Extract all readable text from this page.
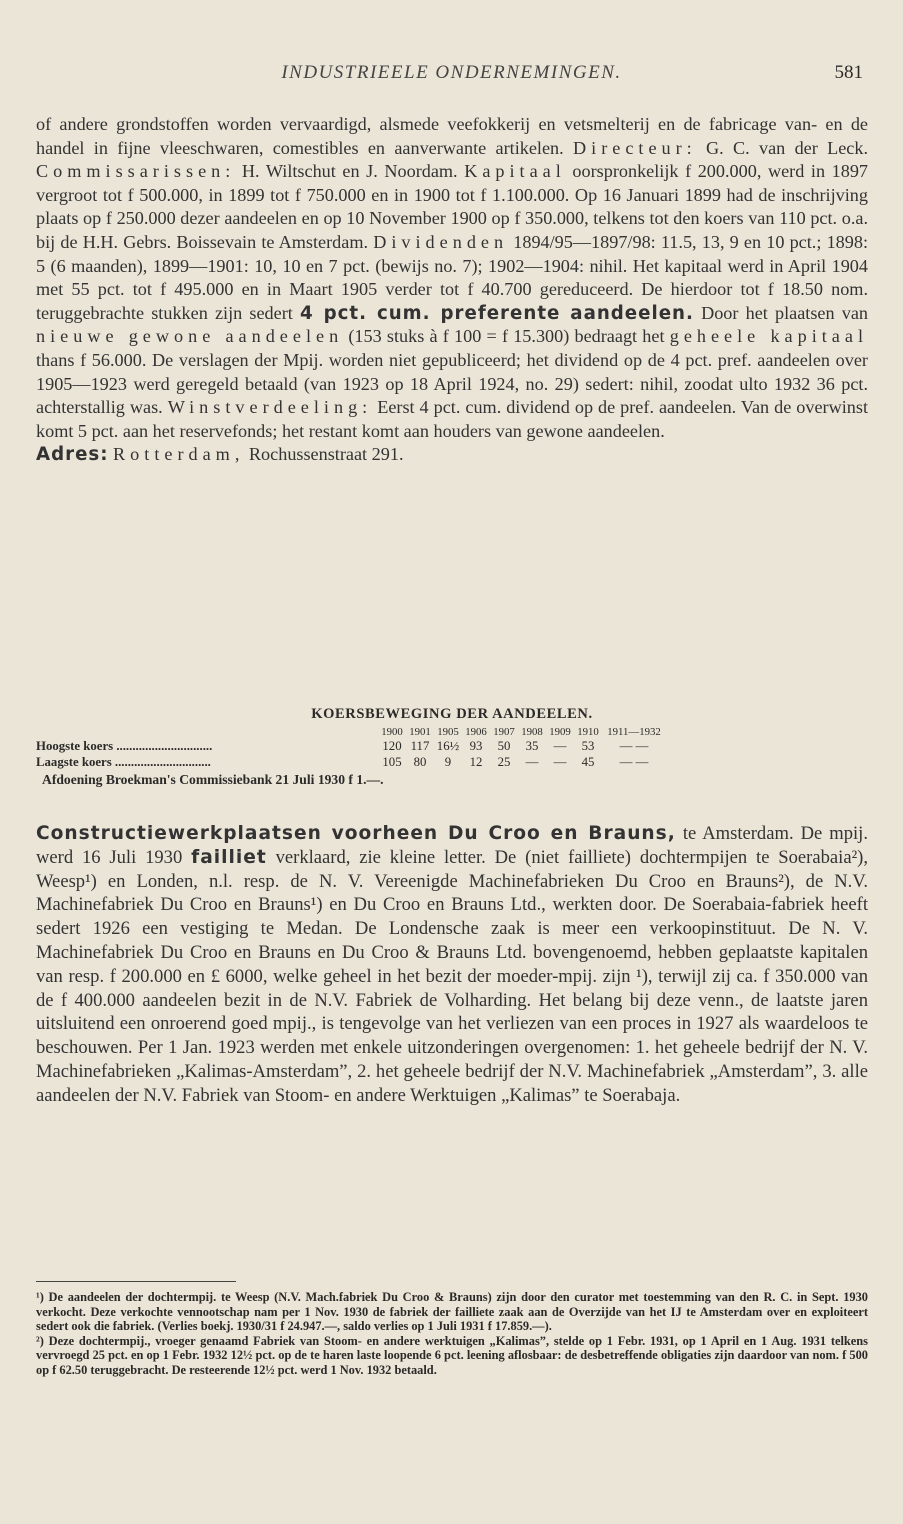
INDUSTRIEELE ONDERNEMINGEN.	581
of andere grondstoffen worden vervaardigd, alsmede veefokkerij en vetsmelterij en de fabricage van- en de handel in fijne vleeschwaren, comestibles en aanverwante artikelen. Directeur: G. C. van der Leck. Commissarissen: H. Wiltschut en J. Noordam. Kapitaal oorspronkelijk f 200.000, werd in 1897 vergroot tot f 500.000, in 1899 tot f 750.000 en in 1900 tot f 1.100.000. Op 16 Januari 1899 had de inschrijving plaats op f 250.000 dezer aandeelen en op 10 November 1900 op f 350.000, telkens tot den koers van 110 pct. o.a. bij de H.H. Gebrs. Boissevain te Amsterdam. Dividenden 1894/95—1897/98: 11.5, 13, 9 en 10 pct.; 1898: 5 (6 maanden), 1899—1901: 10, 10 en 7 pct. (bewijs no. 7); 1902—1904: nihil. Het kapitaal werd in April 1904 met 55 pct. tot f 495.000 en in Maart 1905 verder tot f 40.700 gereduceerd. De hierdoor tot f 18.50 nom. teruggebrachte stukken zijn sedert 4 pct. cum. preferente aandeelen. Door het plaatsen van nieuwe gewone aandeelen (153 stuks à f 100 = f 15.300) bedraagt het geheele kapitaal thans f 56.000. De verslagen der Mpij. worden niet gepubliceerd; het dividend op de 4 pct. pref. aandeelen over 1905—1923 werd geregeld betaald (van 1923 op 18 April 1924, no. 29) sedert: nihil, zoodat ulto 1932 36 pct. achterstallig was. Winstverdeeling: Eerst 4 pct. cum. dividend op de pref. aandeelen. Van de overwinst komt 5 pct. aan het reservefonds; het restant komt aan houders van gewone aandeelen.
Adres: Rotterdam, Rochussenstraat 291.
KOERSBEWEGING DER AANDEELEN.
	1900	1901	1905	1906	1907	1908	1909	1910	1911—1932
Hoogste koers ..............................	120	117	16½	93	50	35	—	53	— —
Laagste koers ..............................	105	80	9	12	25	—	—	45	— —
Afdoening Broekman's Commissiebank 21 Juli 1930 f 1.—.
Constructiewerkplaatsen voorheen Du Croo en Brauns, te Amsterdam. De mpij. werd 16 Juli 1930 failliet verklaard, zie kleine letter. De (niet failliete) dochtermpijen te Soerabaia²), Weesp¹) en Londen, n.l. resp. de N. V. Vereenigde Machinefabrieken Du Croo en Brauns²), de N.V. Machinefabriek Du Croo en Brauns¹) en Du Croo en Brauns Ltd., werkten door. De Soerabaia-fabriek heeft sedert 1926 een vestiging te Medan. De Londensche zaak is meer een verkoopinstituut. De N. V. Machinefabriek Du Croo en Brauns en Du Croo & Brauns Ltd. bovengenoemd, hebben geplaatste kapitalen van resp. f 200.000 en £ 6000, welke geheel in het bezit der moeder-mpij. zijn ¹), terwijl zij ca. f 350.000 van de f 400.000 aandeelen bezit in de N.V. Fabriek de Volharding. Het belang bij deze venn., de laatste jaren uitsluitend een onroerend goed mpij., is tengevolge van het verliezen van een proces in 1927 als waardeloos te beschouwen. Per 1 Jan. 1923 werden met enkele uitzonderingen overgenomen: 1. het geheele bedrijf der N. V. Machinefabrieken „Kalimas-Amsterdam”, 2. het geheele bedrijf der N.V. Machinefabriek „Amsterdam”, 3. alle aandeelen der N.V. Fabriek van Stoom- en andere Werktuigen „Kalimas” te Soerabaja.
¹) De aandeelen der dochtermpij. te Weesp (N.V. Mach.fabriek Du Croo & Brauns) zijn door den curator met toestemming van den R. C. in Sept. 1930 verkocht. Deze verkochte vennootschap nam per 1 Nov. 1930 de fabriek der failliete zaak aan de Overzijde van het IJ te Amsterdam over en exploiteert sedert ook die fabriek. (Verlies boekj. 1930/31 f 24.947.—, saldo verlies op 1 Juli 1931 f 17.859.—).
²) Deze dochtermpij., vroeger genaamd Fabriek van Stoom- en andere werktuigen „Kalimas”, stelde op 1 Febr. 1931, op 1 April en 1 Aug. 1931 telkens vervroegd 25 pct. en op 1 Febr. 1932 12½ pct. op de te haren laste loopende 6 pct. leening aflosbaar: de desbetreffende obligaties zijn daardoor van nom. f 500 op f 62.50 teruggebracht. De resteerende 12½ pct. werd 1 Nov. 1932 betaald.
